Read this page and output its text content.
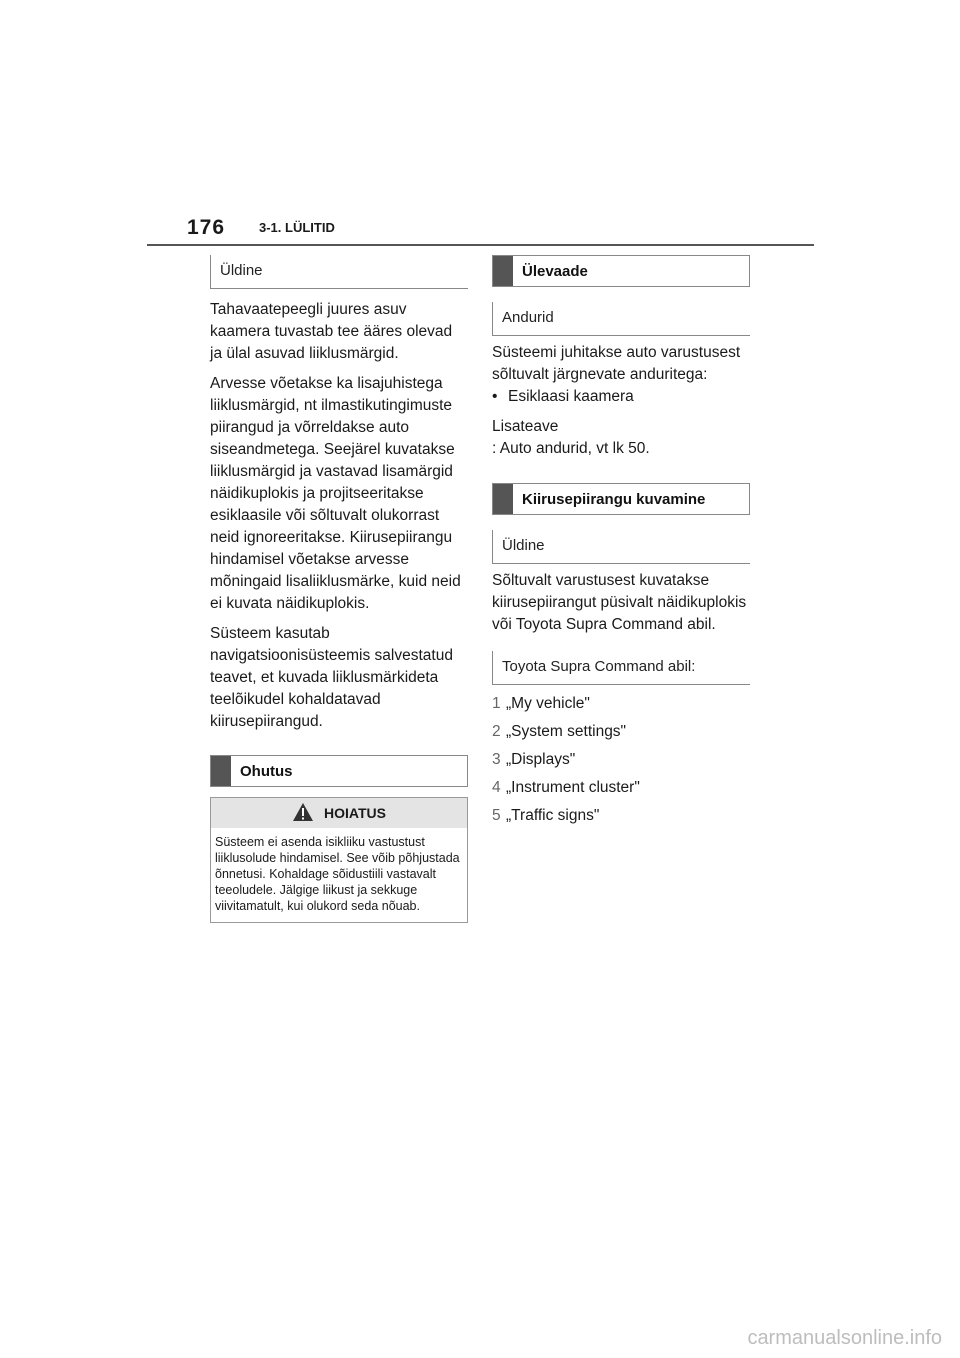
176	3-1. LÜLITID
Üldine

Tahavaatepeegli juures asuv kaamera tuvastab tee ääres olevad ja ülal asuvad liiklusmärgid.

Arvesse võetakse ka lisajuhistega liiklusmärgid, nt ilmastikutingimuste piirangud ja võrreldakse auto siseandmetega. Seejärel kuvatakse liiklusmärgid ja vastavad lisamärgid näidikuplokis ja projitseeritakse esiklaasile või sõltuvalt olukorrast neid ignoreeritakse. Kiirusepiirangu hindamisel võetakse arvesse mõningaid lisaliiklusmärke, kuid neid ei kuvata näidikuplokis.

Süsteem kasutab navigatsioonisüsteemis salvestatud teavet, et kuvada liiklusmärkideta teelõikudel kohaldatavad kiirusepiirangud.

Ohutus
HOIATUS
Süsteem ei asenda isikliiku vastustust liiklusolude hindamisel. See võib põhjustada õnnetusi. Kohaldage sõidustiili vastavalt teeoludele. Jälgige liikust ja sekkuge viivitamatult, kui olukord seda nõuab.
Ülevaade
Andurid

Süsteemi juhitakse auto varustusest sõltuvalt järgnevate anduritega:

• Esiklaasi kaamera

Lisateave

: Auto andurid, vt lk 50.

Kiirusepiirangu kuvamine
Üldine

Sõltuvalt varustusest kuvatakse kiirusepiirangut püsivalt näidikuplokis või Toyota Supra Command abil.

Toyota Supra Command abil:
1 „My vehicle"
2 „System settings"
3 „Displays"
4 „Instrument cluster"
5 „Traffic signs"
carmanualsonline.info
